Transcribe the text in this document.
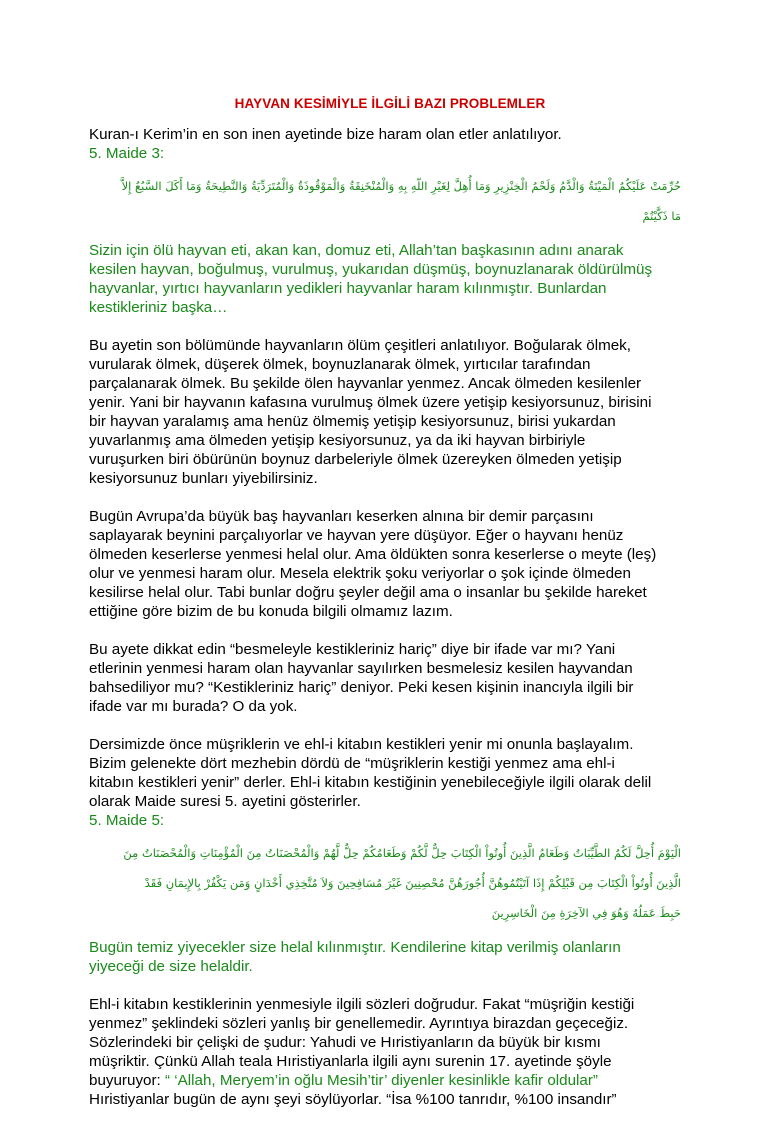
HAYVAN KESİMİYLE İLGİLİ BAZI PROBLEMLER
Kuran-ı Kerim’in en son inen ayetinde bize haram olan etler anlatılıyor.
5. Maide 3:

حُرِّمَتْ عَلَيْكُمُ الْمَيْتَةُ وَالْدَّمُ وَلَحْمُ الْخِنْزِيرِ وَمَا أُهِلَّ لِغَيْرِ اللّهِ بِهِ وَالْمُنْخَنِقَةُ وَالْمَوْقُوذَةُ وَالْمُتَرَدِّيَةُ وَالنَّطِيحَةُ وَمَا أَكَلَ السَّبُعُ إِلاَّ

مَا ذَكَّيْتُمْ

Sizin için ölü hayvan eti, akan kan, domuz eti, Allah’tan başkasının adını anarak
kesilen hayvan, boğulmuş, vurulmuş, yukarıdan düşmüş, boynuzlanarak öldürülmüş
hayvanlar, yırtıcı hayvanların yedikleri hayvanlar haram kılınmıştır. Bunlardan
kestikleriniz başka…
Bu ayetin son bölümünde hayvanların ölüm çeşitleri anlatılıyor. Boğularak ölmek,
vurularak ölmek, düşerek ölmek, boynuzlanarak ölmek, yırtıcılar tarafından
parçalanarak ölmek. Bu şekilde ölen hayvanlar yenmez. Ancak ölmeden kesilenler
yenir. Yani bir hayvanın kafasına vurulmuş ölmek üzere yetişip kesiyorsunuz, birisini
bir hayvan yaralamış ama henüz ölmemiş yetişip kesiyorsunuz, birisi yukardan
yuvarlanmış ama ölmeden yetişip kesiyorsunuz, ya da iki hayvan birbiriyle
vuruşurken biri öbürünün boynuz darbeleriyle ölmek üzereyken ölmeden yetişip
kesiyorsunuz bunları yiyebilirsiniz.
Bugün Avrupa’da büyük baş hayvanları keserken alnına bir demir parçasını
saplayarak beynini parçalıyorlar ve hayvan yere düşüyor. Eğer o hayvanı henüz
ölmeden keserlerse yenmesi helal olur. Ama öldükten sonra keserlerse o meyte (leş)
olur ve yenmesi haram olur. Mesela elektrik şoku veriyorlar o şok içinde ölmeden
kesilirse helal olur. Tabi bunlar doğru şeyler değil ama o insanlar bu şekilde hareket
ettiğine göre bizim de bu konuda bilgili olmamız lazım.
Bu ayete dikkat edin “besmeleyle kestikleriniz hariç” diye bir ifade var mı? Yani
etlerinin yenmesi haram olan hayvanlar sayılırken besmelesiz kesilen hayvandan
bahsediliyor mu? “Kestikleriniz hariç” deniyor. Peki kesen kişinin inancıyla ilgili bir
ifade var mı burada? O da yok.
Dersimizde önce müşriklerin ve ehl-i kitabın kestikleri yenir mi onunla başlayalım.
Bizim gelenekte dört mezhebin dördü de “müşriklerin kestiği yenmez ama ehl-i
kitabın kestikleri yenir” derler. Ehl-i kitabın kestiğinin yenebileceğiyle ilgili olarak delil
olarak Maide suresi 5. ayetini gösterirler.
5. Maide 5:

الْيَوْمَ أُحِلَّ لَكُمُ الطَّيِّبَاتُ وَطَعَامُ الَّذِينَ أُوتُواْ الْكِتَابَ حِلٌّ لَّكُمْ وَطَعَامُكُمْ حِلٌّ لَّهُمْ وَالْمُحْصَنَاتُ مِنَ الْمُؤْمِنَاتِ وَالْمُحْصَنَاتُ مِنَ

الَّذِينَ أُوتُواْ الْكِتَابَ مِن قَبْلِكُمْ إِذَا آتَيْتُمُوهُنَّ أُجُورَهُنَّ مُحْصِنِينَ غَيْرَ مُسَافِحِينَ وَلاَ مُتَّخِذِي أَخْدَانٍ وَمَن يَكْفُرْ بِالإِيمَانِ فَقَدْ

حَبِطَ عَمَلُهُ وَهُوَ فِي الآخِرَةِ مِنَ الْخَاسِرِينَ

Bugün temiz yiyecekler size helal kılınmıştır. Kendilerine kitap verilmiş olanların
yiyeceği de size helaldir.
Ehl-i kitabın kestiklerinin yenmesiyle ilgili sözleri doğrudur. Fakat “müşriğin kestiği
yenmez” şeklindeki sözleri yanlış bir genellemedir. Ayrıntıya birazdan geçeceğiz.
Sözlerindeki bir çelişki de şudur: Yahudi ve Hıristiyanların da büyük bir kısmı
müşriktir. Çünkü Allah teala Hıristiyanlarla ilgili aynı surenin 17. ayetinde şöyle
buyuruyor: “ ‘Allah, Meryem’in oğlu Mesih’tir’ diyenler kesinlikle kafir oldular”
Hıristiyanlar bugün de aynı şeyi söylüyorlar. “İsa %100 tanrıdır, %100 insandır”
